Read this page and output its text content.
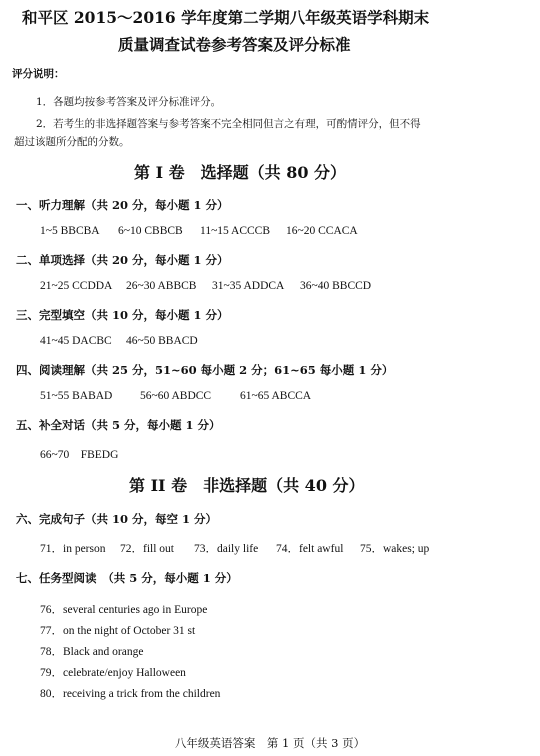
和平区 2015～2016 学年度第二学期八年级英语学科期末
质量调查试卷参考答案及评分标准
评分说明：
1．各题均按参考答案及评分标准评分。
2．若考生的非选择题答案与参考答案不完全相同但言之有理，可酌情评分，但不得
超过该题所分配的分数。
第 I 卷　选择题（共 80 分）
一、听力理解（共 20 分，每小题 1 分）
1~5 BBCBA 6~10 CBBCB 11~15 ACCCB 16~20 CCACA
二、单项选择（共 20 分，每小题 1 分）
21~25 CCDDA 26~30 ABBCB 31~35 ADDCA 36~40 BBCCD
三、完型填空（共 10 分，每小题 1 分）
41~45 DACBC 46~50 BBACD
四、阅读理解（共 25 分，51~60 每小题 2 分；61~65 每小题 1 分）
51~55 BABAD 56~60 ABDCC	61~65 ABCCA
五、补全对话（共 5 分，每小题 1 分）
66~70　FBEDG
第 II 卷　非选择题（共 40 分）
六、完成句子（共 10 分，每空 1 分）
71．in person 72．fill out 73．daily life 74．felt awful 75．wakes; up
七、任务型阅读　（共 5 分，每小题 1 分）
76．several centuries ago in Europe
77．on the night of October 31 st
78．Black and orange
79．celebrate/enjoy Halloween
80．receiving a trick from the children
八年级英语答案　第 1 页（共 3 页）
